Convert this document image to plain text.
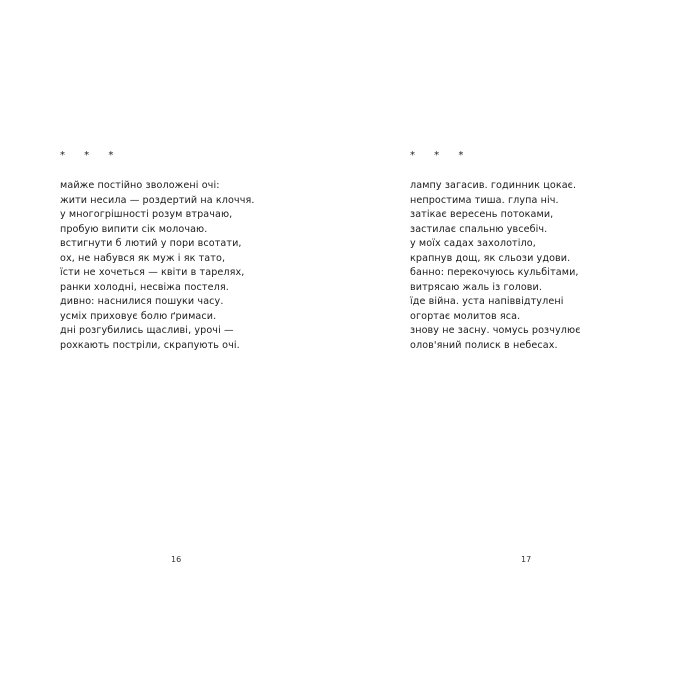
* * *
майже постійно зволожені очі:
жити несила — роздертий на клоччя.
у многогрішності розум втрачаю,
пробую випити сік молочаю.
встигнути б лютий у пори всотати,
ох, не набувся як муж і як тато,
їсти не хочеться — квіти в тарелях,
ранки холодні, несвіжа постеля.
дивно: наснилися пошуки часу.
усміх приховує болю ґримаси.
дні розгубились щасливі, урочі —
рохкають постріли, скрапують очі.
16
* * *
лампу загасив. годинник цокає.
непростима тиша. глупа ніч.
затікає вересень потоками,
застилає спальню увсебіч.
у моїх садах захолотіло,
крапнув дощ, як сльози удови.
банно: перекочуюсь кульбітами,
витрясаю жаль із голови.
їде війна. уста напіввідтулені
огортає молитов ясa.
знову не засну. чомусь розчулює
олов'яний полиск в небесах.
17
